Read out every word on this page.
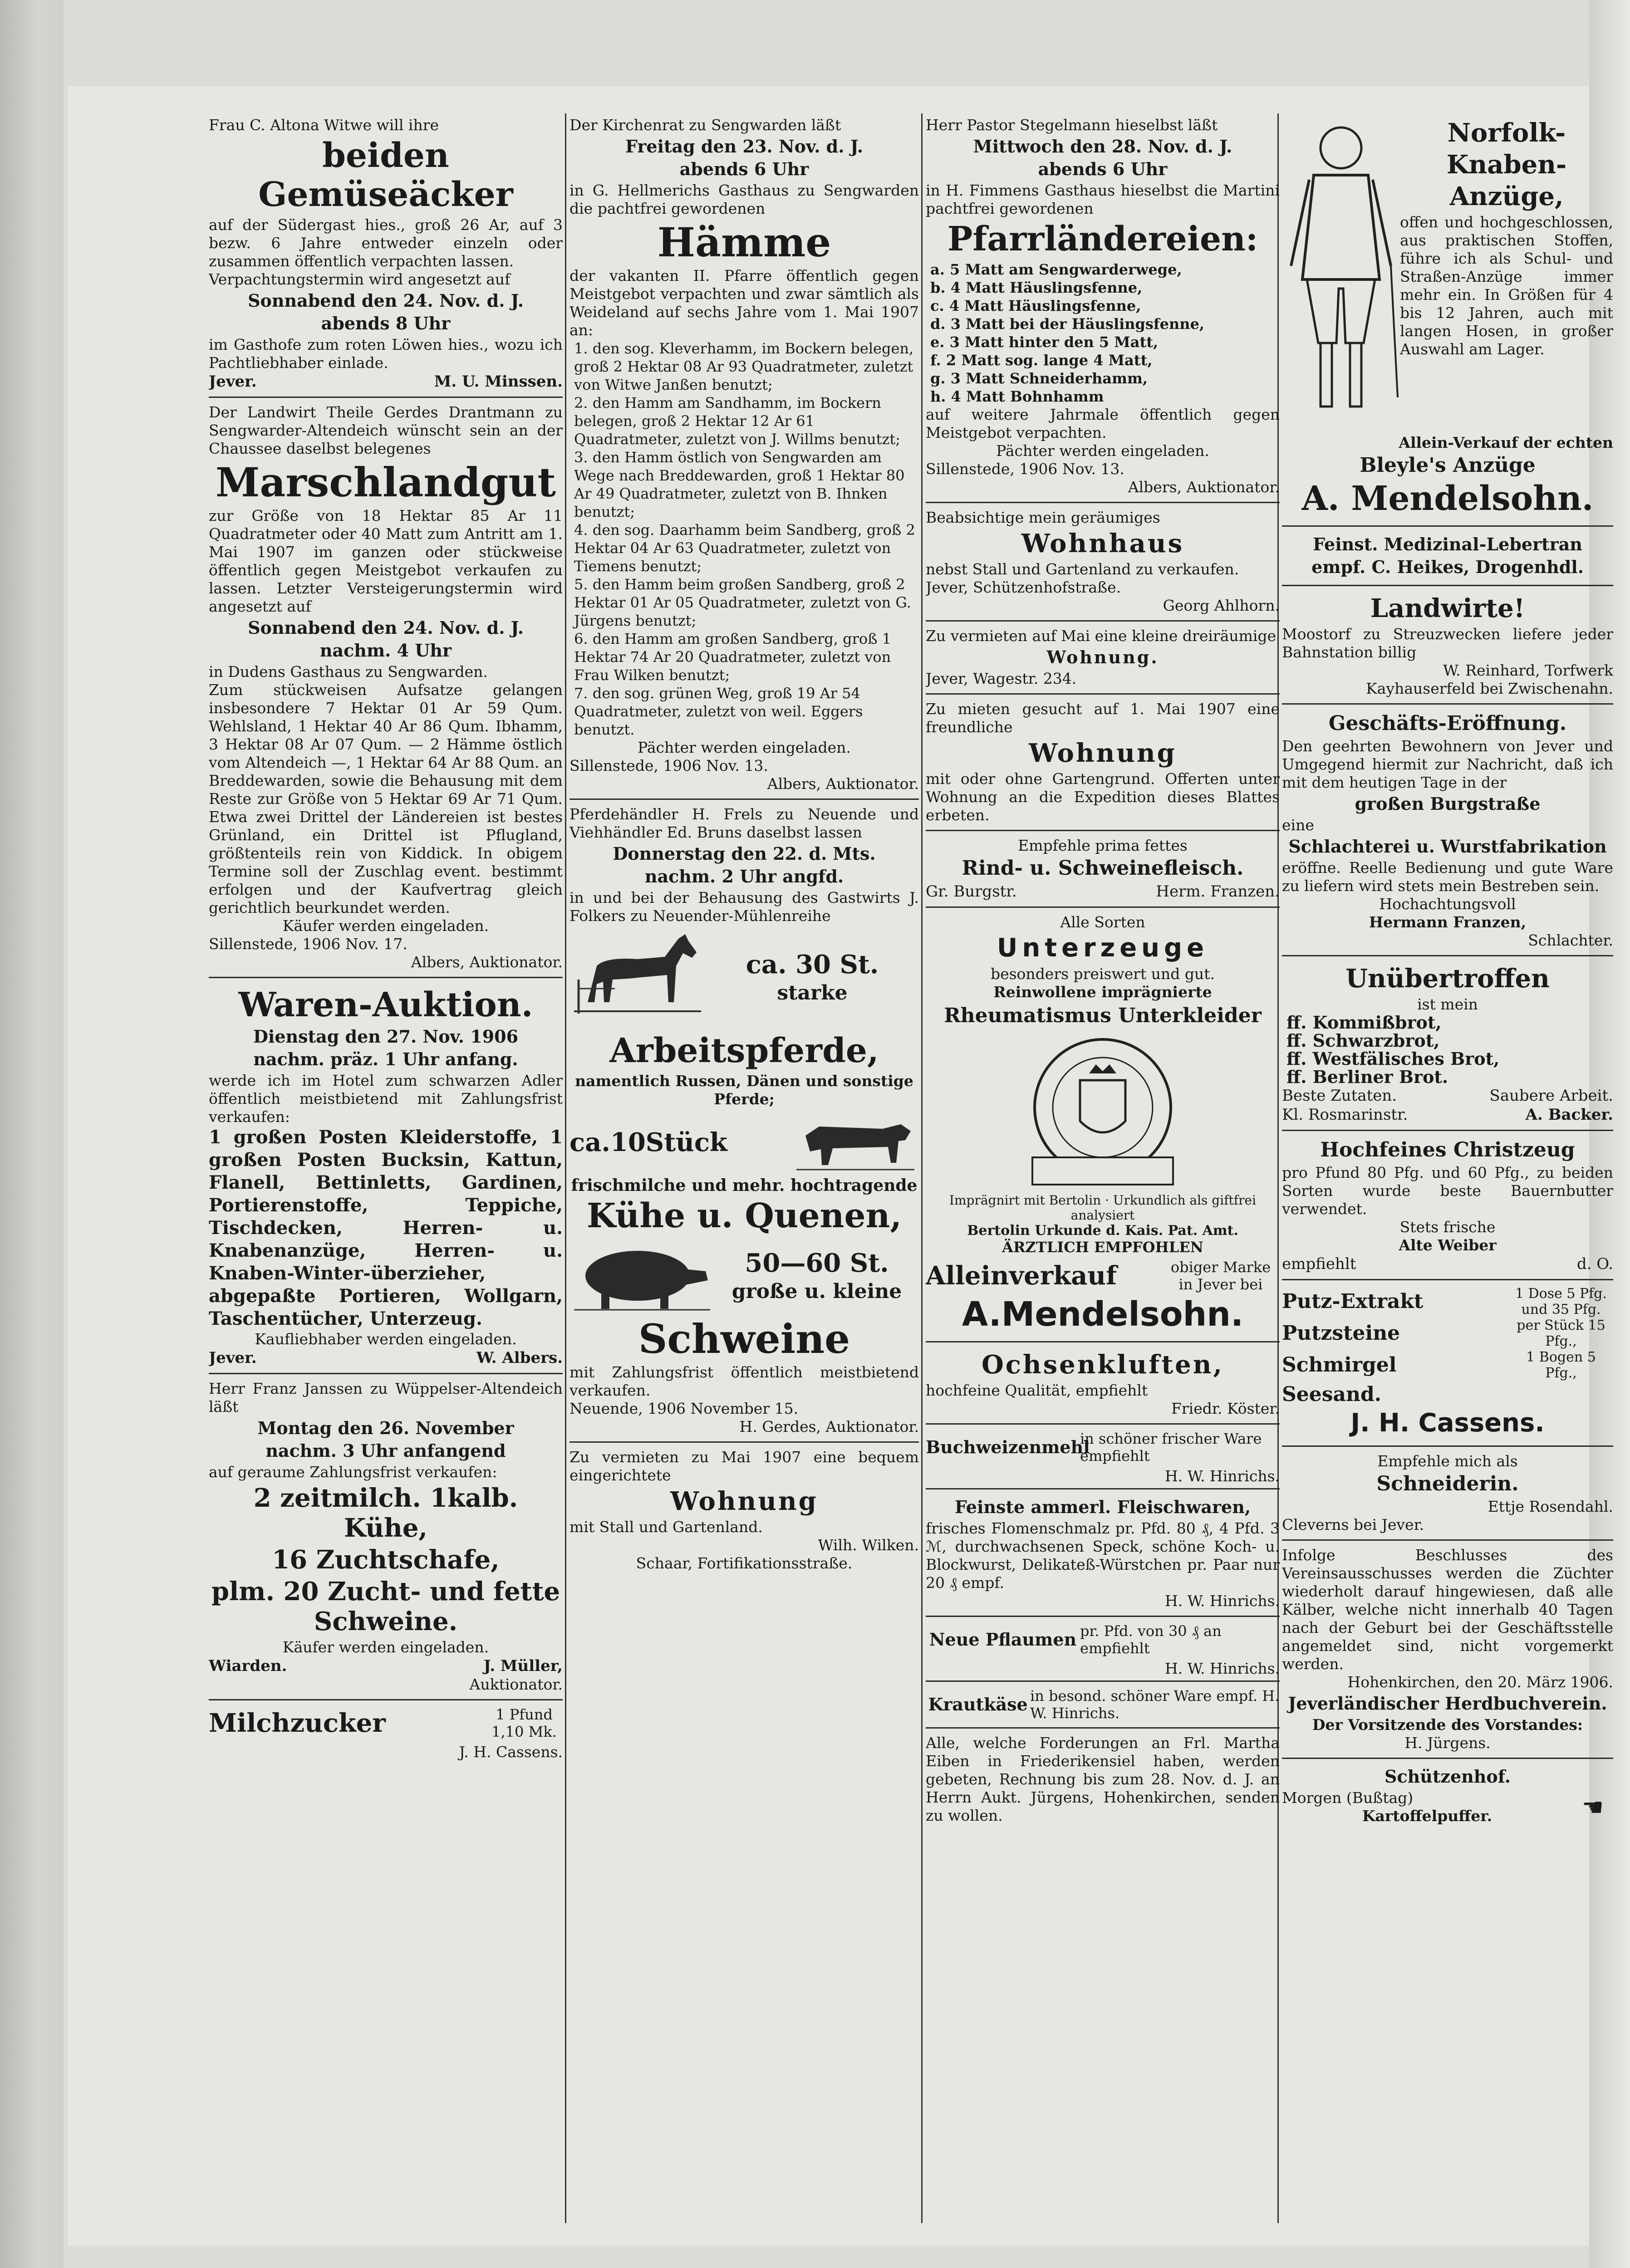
Frau C. Altona Witwe will ihre

beiden Gemüseäcker

auf der Südergast hies., groß 26 Ar, auf 3 bezw. 6 Jahre entweder einzeln oder zusammen öffentlich verpachten lassen.

Verpachtungstermin wird angesetzt auf

Sonnabend den 24. Nov. d. J.
abends 8 Uhr

im Gasthofe zum roten Löwen hies., wozu ich Pachtliebhaber einlade.

Jever.	M. U. Minssen.

Der Landwirt Theile Gerdes Drantmann zu Sengwarder-Altendeich wünscht sein an der Chaussee daselbst belegenes

Marschlandgut

zur Größe von 18 Hektar 85 Ar 11 Quadratmeter oder 40 Matt zum Antritt am 1. Mai 1907 im ganzen oder stückweise öffentlich gegen Meistgebot verkaufen zu lassen. Letzter Versteigerungstermin wird angesetzt auf

Sonnabend den 24. Nov. d. J.
nachm. 4 Uhr

in Dudens Gasthaus zu Sengwarden.

Zum stückweisen Aufsatze gelangen insbesondere 7 Hektar 01 Ar 59 Qum. Wehlsland, 1 Hektar 40 Ar 86 Qum. Ibhamm, 3 Hektar 08 Ar 07 Qum. — 2 Hämme östlich vom Altendeich —, 1 Hektar 64 Ar 88 Qum. an Breddewarden, sowie die Behausung mit dem Reste zur Größe von 5 Hektar 69 Ar 71 Qum. Etwa zwei Drittel der Ländereien ist bestes Grünland, ein Drittel ist Pflugland, größtenteils rein von Kiddick. In obigem Termine soll der Zuschlag event. bestimmt erfolgen und der Kaufvertrag gleich gerichtlich beurkundet werden.

Käufer werden eingeladen.

Sillenstede, 1906 Nov. 17.

Albers, Auktionator.

Waren-Auktion.
Dienstag den 27. Nov. 1906
nachm. präz. 1 Uhr anfang.

werde ich im Hotel zum schwarzen Adler öffentlich meistbietend mit Zahlungsfrist verkaufen:

1 großen Posten Kleiderstoffe, 1 großen Posten Bucksin, Kattun, Flanell, Bettinletts, Gardinen, Portierenstoffe, Teppiche, Tischdecken, Herren- u. Knabenanzüge, Herren- u. Knaben-Winter-überzieher, abgepaßte Portieren, Wollgarn, Taschentücher, Unterzeug.

Kaufliebhaber werden eingeladen.

Jever.	W. Albers.

Herr Franz Janssen zu Wüppelser-Altendeich läßt

Montag den 26. November
nachm. 3 Uhr anfangend

auf geraume Zahlungsfrist verkaufen:

2 zeitmilch. 1kalb. Kühe,
16 Zuchtschafe,
plm. 20 Zucht- und fette Schweine.

Käufer werden eingeladen.

Wiarden.	J. Müller,

Auktionator.

Milchzucker	1 Pfund 1,10 Mk.

J. H. Cassens.

Der Kirchenrat zu Sengwarden läßt

Freitag den 23. Nov. d. J.
abends 6 Uhr

in G. Hellmerichs Gasthaus zu Sengwarden die pachtfrei gewordenen

Hämme

der vakanten II. Pfarre öffentlich gegen Meistgebot verpachten und zwar sämtlich als Weideland auf sechs Jahre vom 1. Mai 1907 an:

1. den sog. Kleverhamm, im Bockern belegen, groß 2 Hektar 08 Ar 93 Quadratmeter, zuletzt von Witwe Janßen benutzt;
2. den Hamm am Sandhamm, im Bockern belegen, groß 2 Hektar 12 Ar 61 Quadratmeter, zuletzt von J. Willms benutzt;
3. den Hamm östlich von Sengwarden am Wege nach Breddewarden, groß 1 Hektar 80 Ar 49 Quadratmeter, zuletzt von B. Ihnken benutzt;
4. den sog. Daarhamm beim Sandberg, groß 2 Hektar 04 Ar 63 Quadratmeter, zuletzt von Tiemens benutzt;
5. den Hamm beim großen Sandberg, groß 2 Hektar 01 Ar 05 Quadratmeter, zuletzt von G. Jürgens benutzt;
6. den Hamm am großen Sandberg, groß 1 Hektar 74 Ar 20 Quadratmeter, zuletzt von Frau Wilken benutzt;
7. den sog. grünen Weg, groß 19 Ar 54 Quadratmeter, zuletzt von weil. Eggers benutzt.

Pächter werden eingeladen.

Sillenstede, 1906 Nov. 13.

Albers, Auktionator.

Pferdehändler H. Frels zu Neuende und Viehhändler Ed. Bruns daselbst lassen

Donnerstag den 22. d. Mts.
nachm. 2 Uhr angfd.

in und bei der Behausung des Gastwirts J. Folkers zu Neuender-Mühlenreihe

ca. 30 St.
starke
Arbeitspferde,

namentlich Russen, Dänen und sonstige Pferde;

ca.10Stück

frischmilche und mehr. hochtragende

Kühe u. Quenen,
50—60 St.
große u. kleine
Schweine

mit Zahlungsfrist öffentlich meistbietend verkaufen.

Neuende, 1906 November 15.

H. Gerdes, Auktionator.

Zu vermieten zu Mai 1907 eine bequem eingerichtete

Wohnung

mit Stall und Gartenland.

Wilh. Wilken.

Schaar, Fortifikationsstraße.

Herr Pastor Stegelmann hieselbst läßt

Mittwoch den 28. Nov. d. J.
abends 6 Uhr

in H. Fimmens Gasthaus hieselbst die Martini pachtfrei gewordenen

Pfarrländereien:
a. 5 Matt am Sengwarderwege,
b. 4 Matt Häuslingsfenne,
c. 4 Matt Häuslingsfenne,
d. 3 Matt bei der Häuslingsfenne,
e. 3 Matt hinter den 5 Matt,
f. 2 Matt sog. lange 4 Matt,
g. 3 Matt Schneiderhamm,
h. 4 Matt Bohnhamm

auf weitere Jahrmale öffentlich gegen Meistgebot verpachten.

Pächter werden eingeladen.

Sillenstede, 1906 Nov. 13.

Albers, Auktionator.

Beabsichtige mein geräumiges

Wohnhaus

nebst Stall und Gartenland zu verkaufen.

Jever, Schützenhofstraße.

Georg Ahlhorn.

Zu vermieten auf Mai eine kleine dreiräumige

Wohnung.

Jever, Wagestr. 234.

Zu mieten gesucht auf 1. Mai 1907 eine freundliche

Wohnung

mit oder ohne Gartengrund. Offerten unter Wohnung an die Expedition dieses Blattes erbeten.

Empfehle prima fettes

Rind- u. Schweinefleisch.
Gr. Burgstr.	Herm. Franzen.

Alle Sorten

Unterzeuge

besonders preiswert und gut.

Reinwollene imprägnierte

Rheumatismus Unterkleider
Imprägnirt mit Bertolin · Urkundlich als giftfrei analysiert
Bertolin Urkunde d. Kais. Pat. Amt.
ÄRZTLICH EMPFOHLEN
Alleinverkauf	obiger Marke in Jever bei
A.Mendelsohn.
Ochsenkluften,

hochfeine Qualität, empfiehlt

Friedr. Köster.

Buchweizenmehl
in schöner frischer Ware empfiehlt

H. W. Hinrichs.

Feinste ammerl. Fleischwaren,

frisches Flomenschmalz pr. Pfd. 80 ₰, 4 Pfd. 3 ℳ, durchwachsenen Speck, schöne Koch- u. Blockwurst, Delikateß-Würstchen pr. Paar nur 20 ₰ empf.

H. W. Hinrichs.

Neue Pflaumen pr. Pfd. von 30 ₰ an empfiehlt

H. W. Hinrichs.

Krautkäse in besond. schöner Ware empf. H. W. Hinrichs.

Alle, welche Forderungen an Frl. Martha Eiben in Friederikensiel haben, werden gebeten, Rechnung bis zum 28. Nov. d. J. an Herrn Aukt. Jürgens, Hohenkirchen, senden zu wollen.

Norfolk-
Knaben-
Anzüge,

offen und hochgeschlossen, aus praktischen Stoffen, führe ich als Schul- und Straßen-Anzüge immer mehr ein. In Größen für 4 bis 12 Jahren, auch mit langen Hosen, in großer Auswahl am Lager.

Allein-Verkauf der echten

Bleyle's Anzüge
A. Mendelsohn.
Feinst. Medizinal-Lebertran
empf. C. Heikes, Drogenhdl.
Landwirte!

Moostorf zu Streuzwecken liefere jeder Bahnstation billig

W. Reinhard, Torfwerk

Kayhauserfeld bei Zwischenahn.

Geschäfts-Eröffnung.

Den geehrten Bewohnern von Jever und Umgegend hiermit zur Nachricht, daß ich mit dem heutigen Tage in der

großen Burgstraße

eine

Schlachterei u. Wurstfabrikation

eröffne. Reelle Bedienung und gute Ware zu liefern wird stets mein Bestreben sein.

Hochachtungsvoll

Hermann Franzen,

Schlachter.

Unübertroffen

ist mein

ff. Kommißbrot,
ff. Schwarzbrot,
ff. Westfälisches Brot,
ff. Berliner Brot.
Beste Zutaten.	Saubere Arbeit.
Kl. Rosmarinstr.	A. Backer.
Hochfeines Christzeug

pro Pfund 80 Pfg. und 60 Pfg., zu beiden Sorten wurde beste Bauernbutter verwendet.

Stets frische

Alte Weiber

empfiehlt	d. O.
Putz-Extrakt	1 Dose 5 Pfg. und 35 Pfg.
Putzsteine	per Stück 15 Pfg.,
Schmirgel	1 Bogen 5 Pfg.,
Seesand.
J. H. Cassens.

Empfehle mich als

Schneiderin.

Ettje Rosendahl.

Cleverns bei Jever.

Infolge Beschlusses des Vereinsausschusses werden die Züchter wiederholt darauf hingewiesen, daß alle Kälber, welche nicht innerhalb 40 Tagen nach der Geburt bei der Geschäftsstelle angemeldet sind, nicht vorgemerkt werden.

Hohenkirchen, den 20. März 1906.

Jeverländischer Herdbuchverein.

Der Vorsitzende des Vorstandes:

H. Jürgens.

Schützenhof.

Morgen (Bußtag)

Kartoffelpuffer.	☚
